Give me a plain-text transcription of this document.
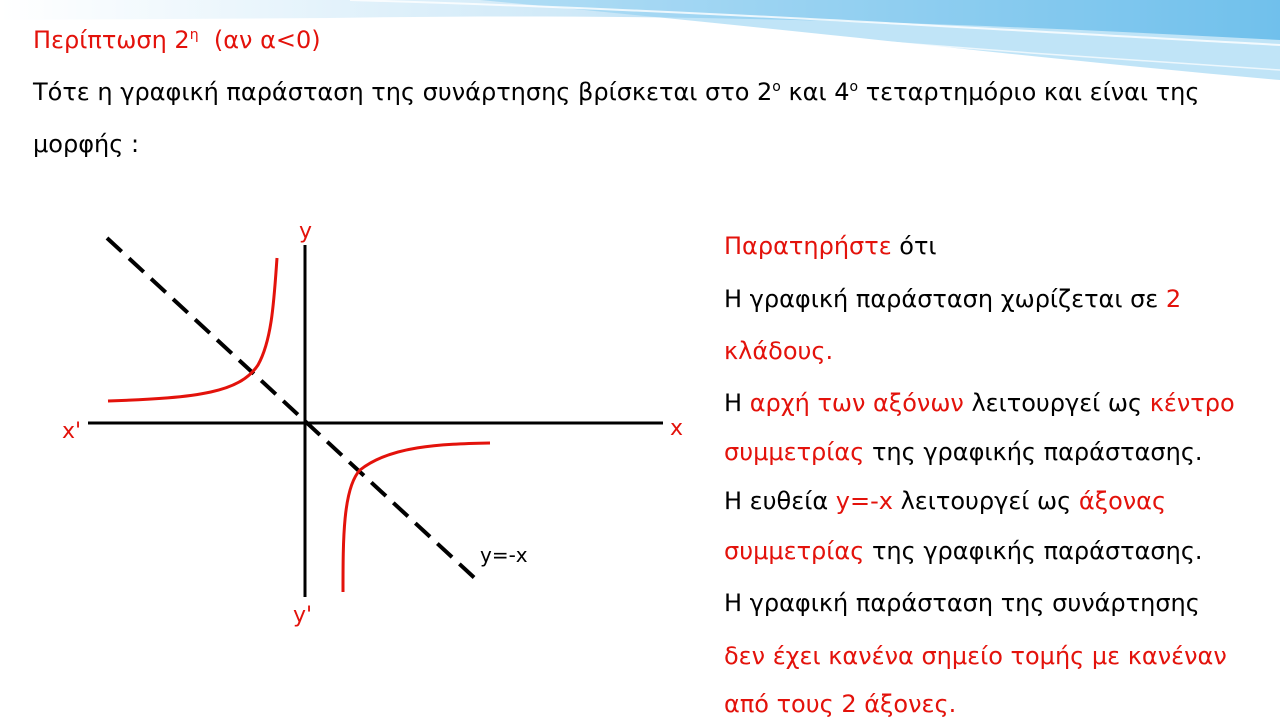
Περίπτωση $2^\eta$ (αν α<0)
Τότε η γραφική παράσταση της συνάρτησης βρίσκεται στο $2^o$ και $4^o$ τεταρτημόριο και είναι της
μορφής :
y
y'
x
x'
y=-x
Παρατηρήστε ότι
Η γραφική παράσταση χωρίζεται σε 2
κλάδους.
Η αρχή των αξόνων λειτουργεί ως κέντρο
συμμετρίας της γραφικής παράστασης.
Η ευθεία y=-x λειτουργεί ως άξονας
συμμετρίας της γραφικής παράστασης.
Η γραφική παράσταση της συνάρτησης
δεν έχει κανένα σημείο τομής με κανέναν
από τους 2 άξονες.
